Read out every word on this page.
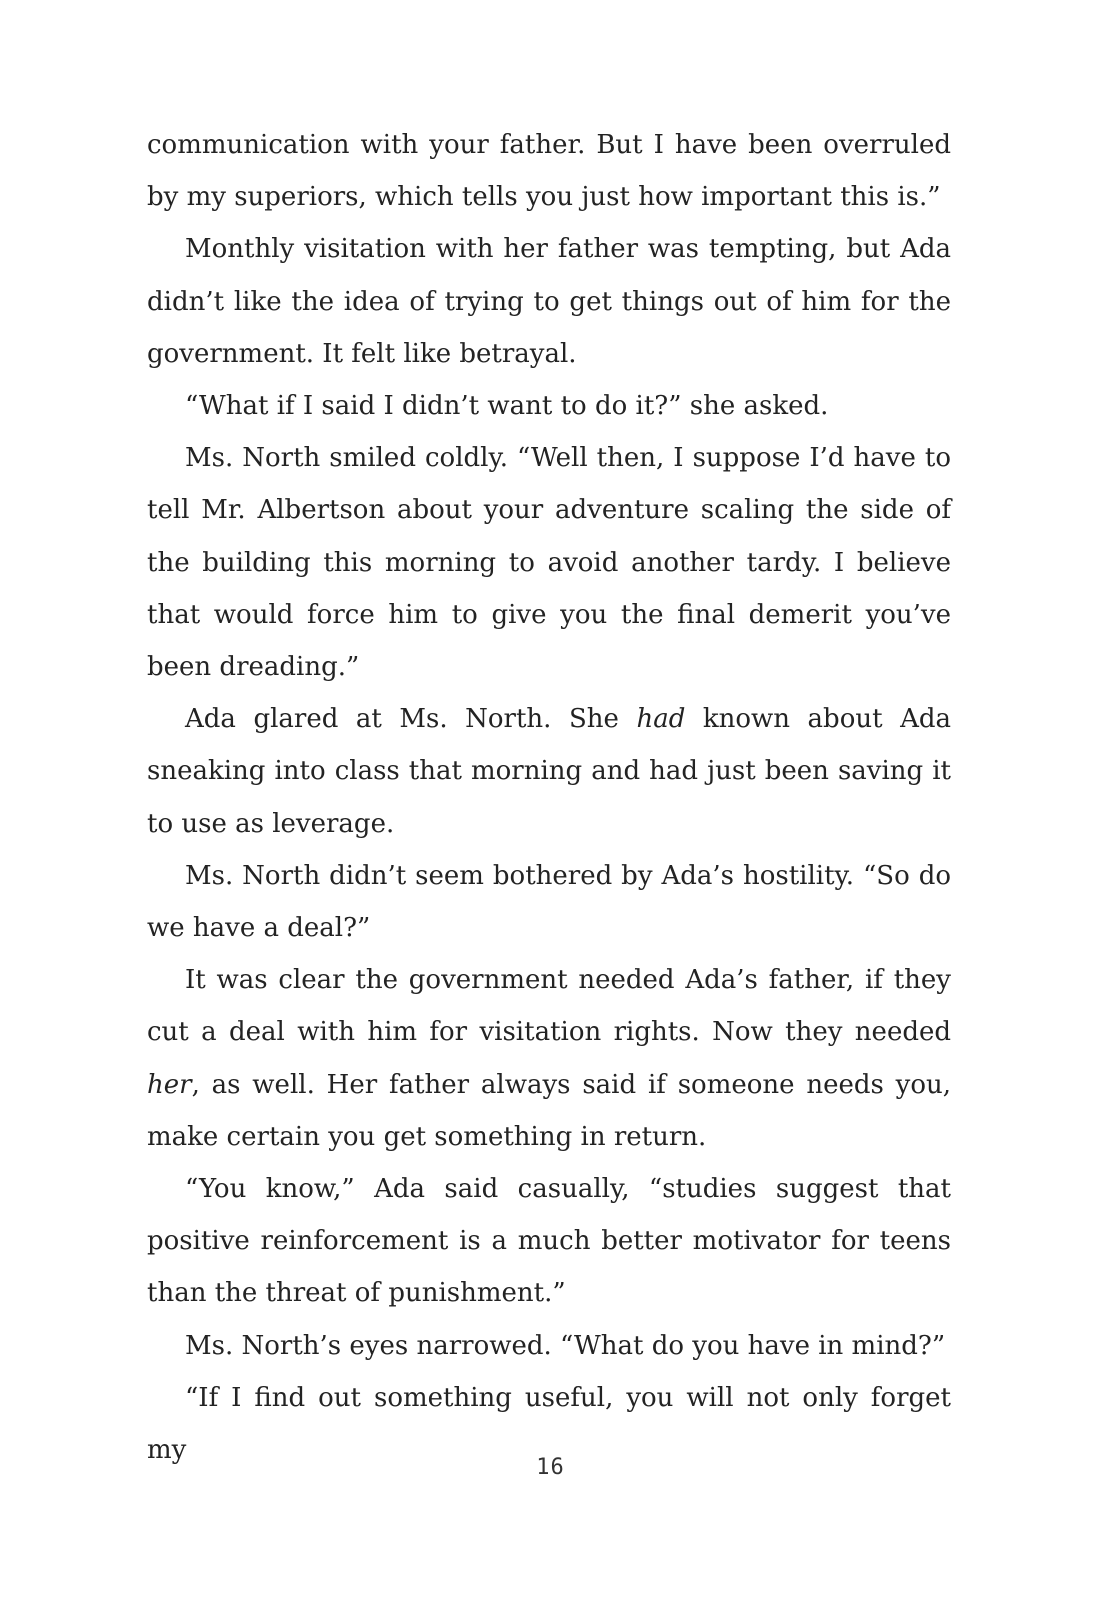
communication with your father. But I have been overruled by my superiors, which tells you just how important this is.”

Monthly visitation with her father was tempting, but Ada didn’t like the idea of trying to get things out of him for the government. It felt like betrayal.

“What if I said I didn’t want to do it?” she asked.

Ms. North smiled coldly. “Well then, I suppose I’d have to tell Mr. Albertson about your adventure scaling the side of the building this morning to avoid another tardy. I believe that would force him to give you the final demerit you’ve been dreading.”

Ada glared at Ms. North. She had known about Ada sneaking into class that morning and had just been saving it to use as leverage.

Ms. North didn’t seem bothered by Ada’s hostility. “So do we have a deal?”

It was clear the government needed Ada’s father, if they cut a deal with him for visitation rights. Now they needed her, as well. Her father always said if someone needs you, make certain you get something in return.

“You know,” Ada said casually, “studies suggest that positive reinforcement is a much better motivator for teens than the threat of punishment.”

Ms. North’s eyes narrowed. “What do you have in mind?”

“If I find out something useful, you will not only forget my

16
